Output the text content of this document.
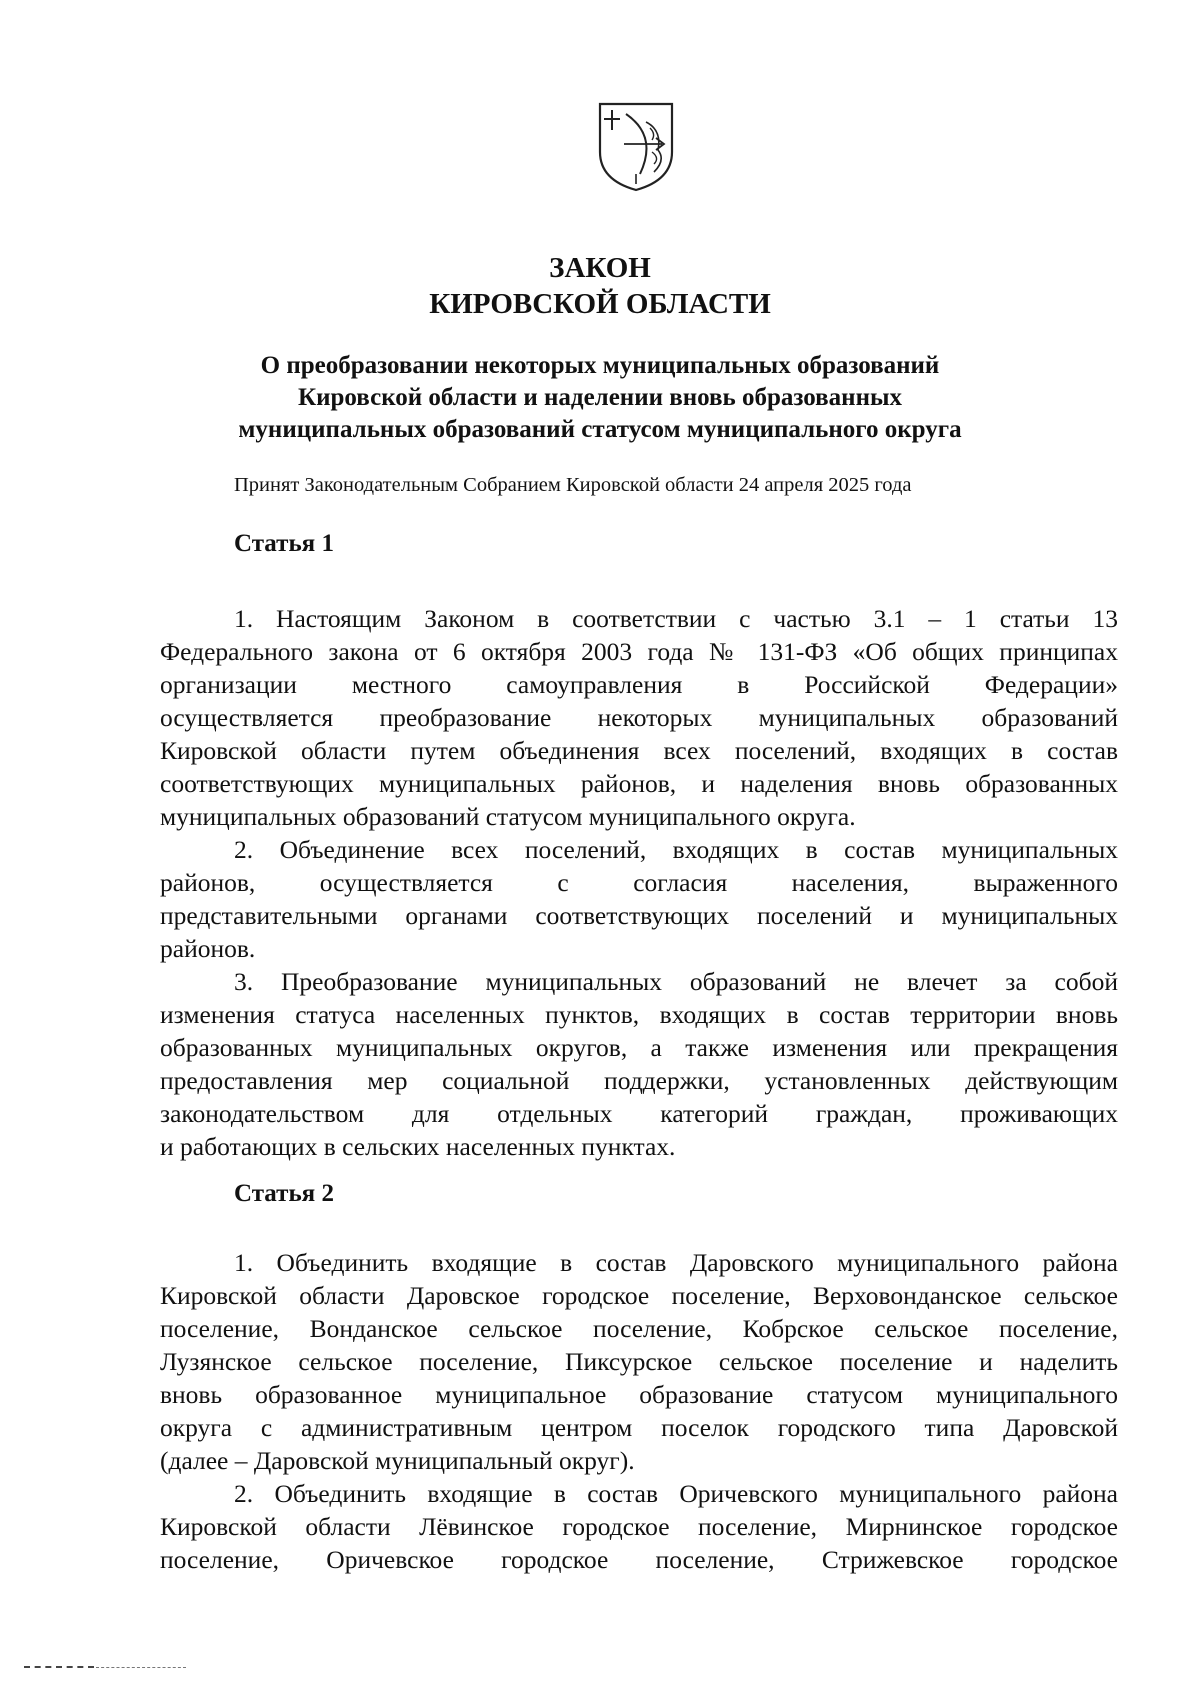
ЗАКОН
КИРОВСКОЙ ОБЛАСТИ
О преобразовании некоторых муниципальных образований
Кировской области и наделении вновь образованных
муниципальных образований статусом муниципального округа
Принят Законодательным Собранием Кировской области 24 апреля 2025 года
Статья 1
1. Настоящим Законом в соответствии с частью 3.1 – 1 статьи 13
Федерального закона от 6 октября 2003 года № 131-ФЗ «Об общих принципах
организации местного самоуправления в Российской Федерации»
осуществляется преобразование некоторых муниципальных образований
Кировской области путем объединения всех поселений, входящих в состав
соответствующих муниципальных районов, и наделения вновь образованных
муниципальных образований статусом муниципального округа.
2. Объединение всех поселений, входящих в состав муниципальных
районов, осуществляется с согласия населения, выраженного
представительными органами соответствующих поселений и муниципальных
районов.
3. Преобразование муниципальных образований не влечет за собой
изменения статуса населенных пунктов, входящих в состав территории вновь
образованных муниципальных округов, а также изменения или прекращения
предоставления мер социальной поддержки, установленных действующим
законодательством для отдельных категорий граждан, проживающих
и работающих в сельских населенных пунктах.
Статья 2
1. Объединить входящие в состав Даровского муниципального района
Кировской области Даровское городское поселение, Верховонданское сельское
поселение, Вонданское сельское поселение, Кобрское сельское поселение,
Лузянское сельское поселение, Пиксурское сельское поселение и наделить
вновь образованное муниципальное образование статусом муниципального
округа с административным центром поселок городского типа Даровской
(далее – Даровской муниципальный округ).
2. Объединить входящие в состав Оричевского муниципального района
Кировской области Лёвинское городское поселение, Мирнинское городское
поселение, Оричевское городское поселение, Стрижевское городское
